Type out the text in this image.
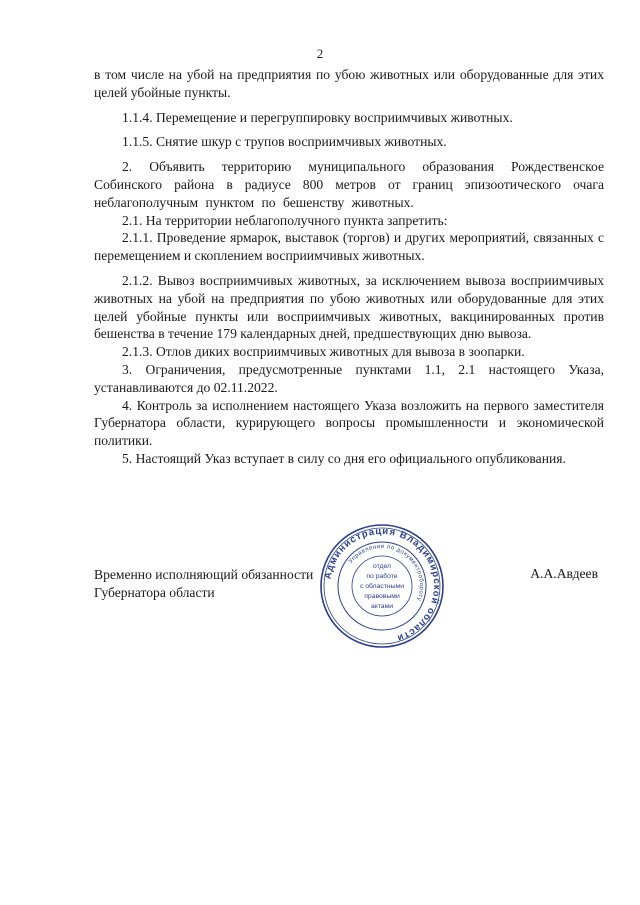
2

в том числе на убой на предприятия по убою животных или оборудованные для этих целей убойные пункты.

1.1.4. Перемещение и перегруппировку восприимчивых животных.

1.1.5. Снятие шкур с трупов восприимчивых животных.

2. Объявить территорию муниципального образования Рождественское Собинского района в радиусе 800 метров от границ эпизоотического очага неблагополучным пунктом по бешенству животных.

2.1. На территории неблагополучного пункта запретить:

2.1.1. Проведение ярмарок, выставок (торгов) и других мероприятий, связанных с перемещением и скоплением восприимчивых животных.

2.1.2. Вывоз восприимчивых животных, за исключением вывоза восприимчивых животных на убой на предприятия по убою животных или оборудованные для этих целей убойные пункты или восприимчивых животных, вакцинированных против бешенства в течение 179 календарных дней, предшествующих дню вывоза.

2.1.3. Отлов диких восприимчивых животных для вывоза в зоопарки.

3. Ограничения, предусмотренные пунктами 1.1, 2.1 настоящего Указа, устанавливаются до 02.11.2022.

4. Контроль за исполнением настоящего Указа возложить на первого заместителя Губернатора области, курирующего вопросы промышленности и экономической политики.

5. Настоящий Указ вступает в силу со дня его официального опубликования.

Временно исполняющий обязанности
Губернатора области
А.А.Авдеев
Администрация Владимирской области
Управление по документообороту
отдел
по работе
с областными
правовыми
актами
